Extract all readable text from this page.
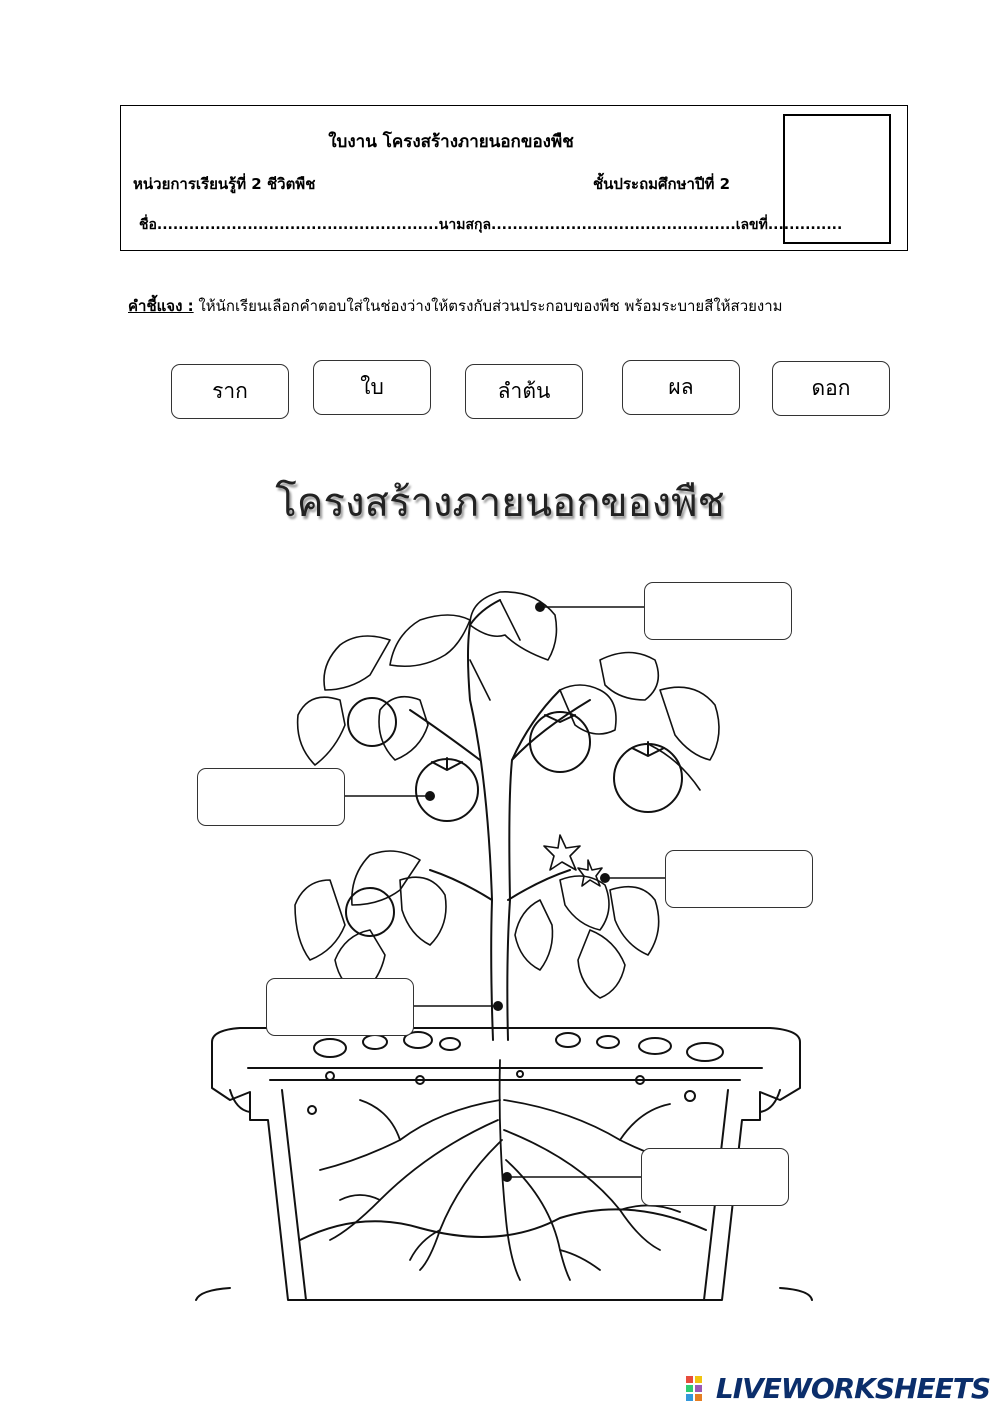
ใบงาน โครงสร้างภายนอกของพืช
หน่วยการเรียนรู้ที่ 2 ชีวิตพืช	ชั้นประถมศึกษาปีที่ 2
ชื่อ.....................................................นามสกุล..............................................เลขที่..............
คำชี้แจง : ให้นักเรียนเลือกคำตอบใส่ในช่องว่างให้ตรงกับส่วนประกอบของพืช พร้อมระบายสีให้สวยงาม
ราก	ใบ	ลำต้น	ผล	ดอก
โครงสร้างภายนอกของพืช
LIVEWORKSHEETS
